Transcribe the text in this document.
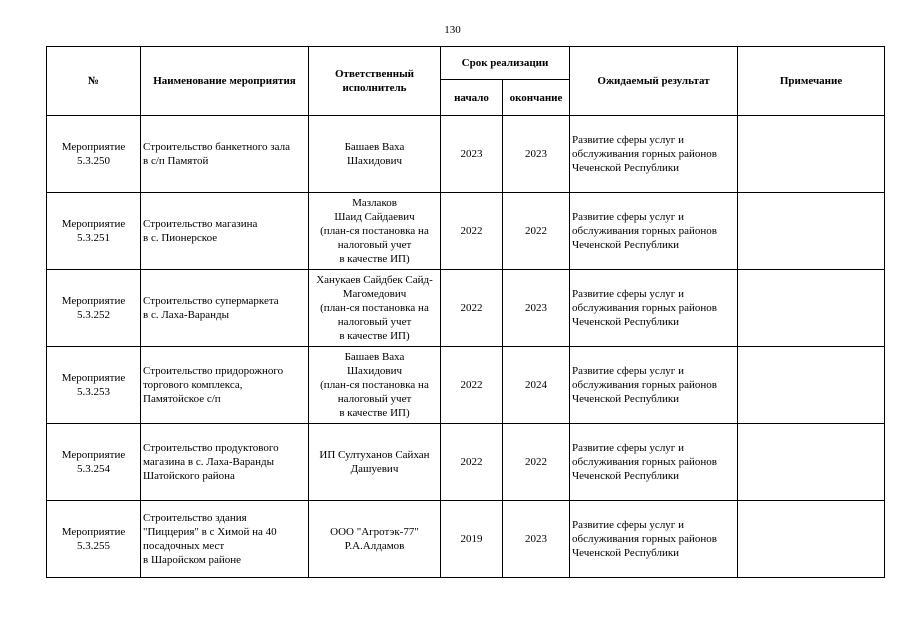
130
№	Наименование мероприятия	Ответственный исполнитель	Срок реализации		Ожидаемый результат	Примечание
			начало	окончание		

Мероприятие
5.3.250	Строительство банкетного зала
в с/п Памятой	Башаев Ваха
Шахидович	2023	2023	Развитие сферы услуг и
обслуживания горных районов
Чеченской Республики	

Мероприятие
5.3.251	Строительство магазина
в с. Пионерское	Мазлаков
Шаид Сайдаевич
(план-ся постановка на
налоговый учет
в качестве ИП)	2022	2022	Развитие сферы услуг и
обслуживания горных районов
Чеченской Республики	

Мероприятие
5.3.252	Строительство супермаркета
в с. Лаха-Варанды	Ханукаев Сайдбек Сайд-
Магомедович
(план-ся постановка на
налоговый учет
в качестве ИП)	2022	2023	Развитие сферы услуг и
обслуживания горных районов
Чеченской Республики	

Мероприятие
5.3.253	Строительство придорожного
торгового комплекса,
Памятойское с/п	Башаев Ваха
Шахидович
(план-ся постановка на
налоговый учет
в качестве ИП)	2022	2024	Развитие сферы услуг и
обслуживания горных районов
Чеченской Республики	

Мероприятие
5.3.254	Строительство продуктового
магазина в с. Лаха-Варанды
Шатойского района	ИП Султуханов Сайхан
Дашуевич	2022	2022	Развитие сферы услуг и
обслуживания горных районов
Чеченской Республики	

Мероприятие
5.3.255	Строительство здания
"Пиццерия" в с Химой на 40
посадочных мест
в Шаройском районе	ООО "Агротэк-77"
Р.А.Алдамов	2019	2023	Развитие сферы услуг и
обслуживания горных районов
Чеченской Республики	
